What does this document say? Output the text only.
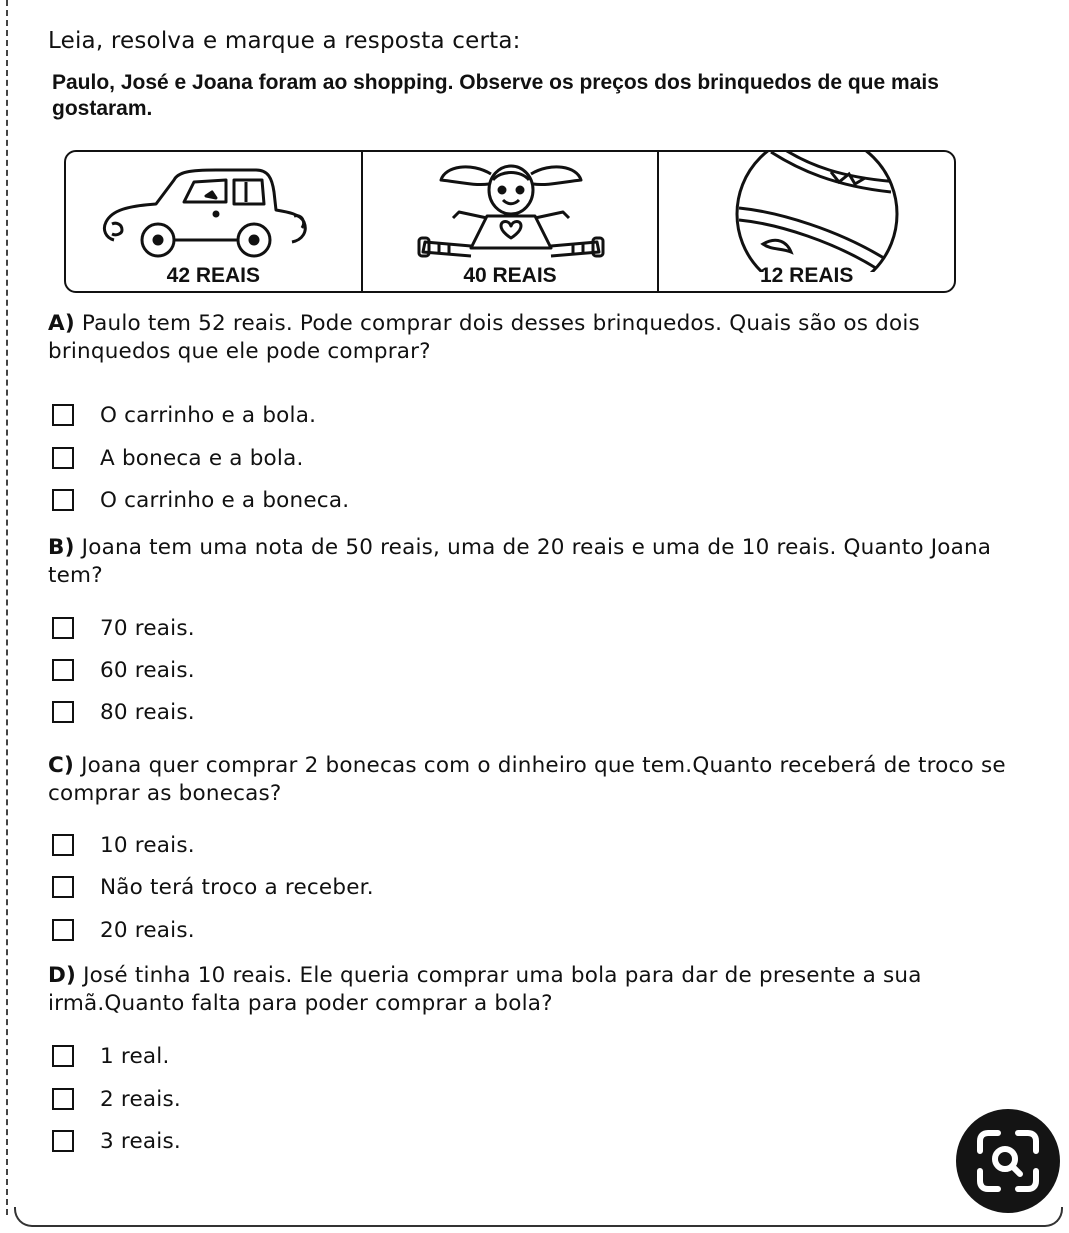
Leia, resolva e marque a resposta certa:
Paulo, José e Joana foram ao shopping. Observe os preços dos brinquedos de que mais gostaram.
42 REAIS	40 REAIS	12 REAIS
A) Paulo tem 52 reais. Pode comprar dois desses brinquedos. Quais são os dois brinquedos que ele pode comprar?
O carrinho e a bola.
A boneca e a bola.
O carrinho e a boneca.
B) Joana tem uma nota de 50 reais, uma de 20 reais e uma de 10 reais. Quanto Joana tem?
70 reais.
60 reais.
80 reais.
C) Joana quer comprar 2 bonecas com o dinheiro que tem.Quanto receberá de troco se comprar as bonecas?
10 reais.
Não terá troco a receber.
20 reais.
D) José tinha 10 reais. Ele queria comprar uma bola para dar de presente a sua irmã.Quanto falta para poder comprar a bola?
1 real.
2 reais.
3 reais.
